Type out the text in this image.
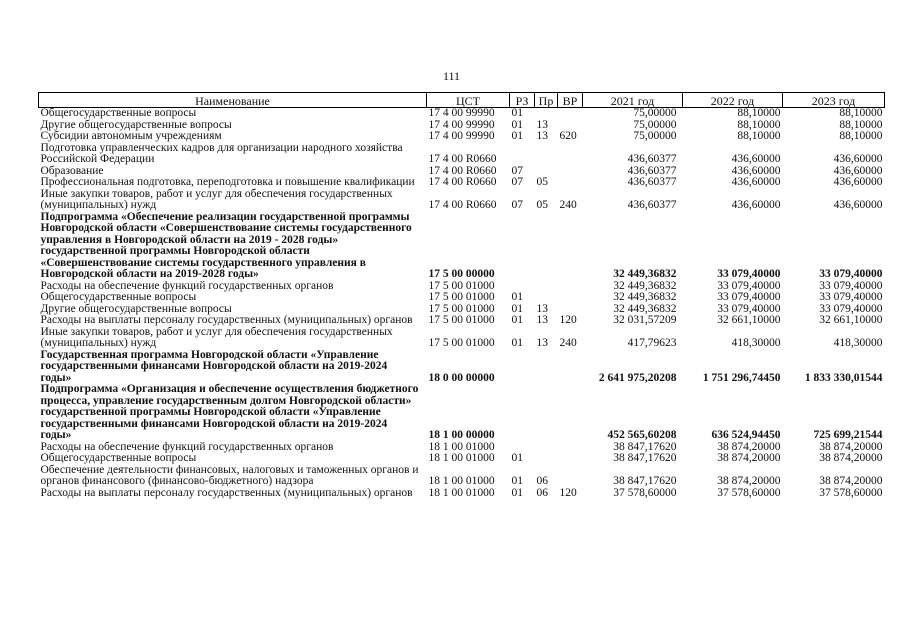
111
Наименование	ЦСТ	РЗ	Пр	ВР	2021 год	2022 год	2023 год
Общегосударственные вопросы	17 4 00 99990	01			75,00000	88,10000	88,10000
Другие общегосударственные вопросы	17 4 00 99990	01	13		75,00000	88,10000	88,10000
Субсидии автономным учреждениям	17 4 00 99990	01	13	620	75,00000	88,10000	88,10000
Подготовка управленческих кадров для организации народного хозяйства Российской Федерации	17 4 00 R0660				436,60377	436,60000	436,60000
Образование	17 4 00 R0660	07			436,60377	436,60000	436,60000
Профессиональная подготовка, переподготовка и повышение квалификации	17 4 00 R0660	07	05		436,60377	436,60000	436,60000
Иные закупки товаров, работ и услуг для обеспечения государственных (муниципальных) нужд	17 4 00 R0660	07	05	240	436,60377	436,60000	436,60000
Подпрограмма «Обеспечение реализации государственной программы Новгородской области «Совершенствование системы государственного управления в Новгородской области на 2019 - 2028 годы» государственной программы Новгородской области «Совершенствование системы государственного управления в Новгородской области на 2019-2028 годы»	17 5 00 00000				32 449,36832	33 079,40000	33 079,40000
Расходы на обеспечение функций государственных органов	17 5 00 01000				32 449,36832	33 079,40000	33 079,40000
Общегосударственные вопросы	17 5 00 01000	01			32 449,36832	33 079,40000	33 079,40000
Другие общегосударственные вопросы	17 5 00 01000	01	13		32 449,36832	33 079,40000	33 079,40000
Расходы на выплаты персоналу государственных (муниципальных) органов	17 5 00 01000	01	13	120	32 031,57209	32 661,10000	32 661,10000
Иные закупки товаров, работ и услуг для обеспечения государственных (муниципальных) нужд	17 5 00 01000	01	13	240	417,79623	418,30000	418,30000
Государственная программа Новгородской области «Управление государственными финансами Новгородской области на 2019-2024 годы»	18 0 00 00000				2 641 975,20208	1 751 296,74450	1 833 330,01544
Подпрограмма «Организация и обеспечение осуществления бюджетного процесса, управление государственным долгом Новгородской области» государственной программы Новгородской области «Управление государственными финансами Новгородской области на 2019-2024 годы»	18 1 00 00000				452 565,60208	636 524,94450	725 699,21544
Расходы на обеспечение функций государственных органов	18 1 00 01000				38 847,17620	38 874,20000	38 874,20000
Общегосударственные вопросы	18 1 00 01000	01			38 847,17620	38 874,20000	38 874,20000
Обеспечение деятельности финансовых, налоговых и таможенных органов и органов финансового (финансово-бюджетного) надзора	18 1 00 01000	01	06		38 847,17620	38 874,20000	38 874,20000
Расходы на выплаты персоналу государственных (муниципальных) органов	18 1 00 01000	01	06	120	37 578,60000	37 578,60000	37 578,60000
